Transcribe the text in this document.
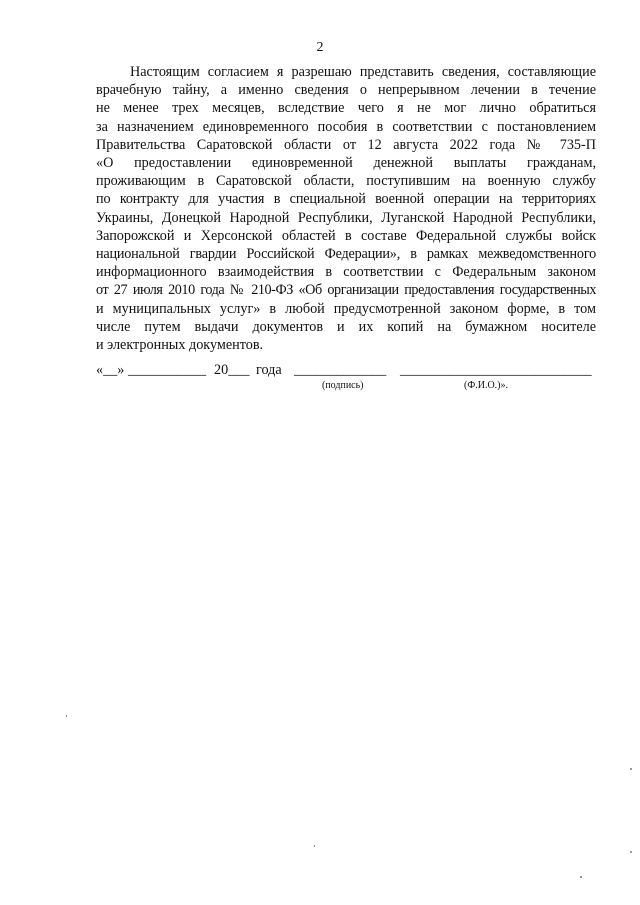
2
Настоящим согласием я разрешаю представить сведения, составляющие
врачебную тайну, а именно сведения о непрерывном лечении в течение
не менее трех месяцев, вследствие чего я не мог лично обратиться
за назначением единовременного пособия в соответствии с постановлением
Правительства Саратовской области от 12 августа 2022 года № 735-П
«О предоставлении единовременной денежной выплаты гражданам,
проживающим в Саратовской области, поступившим на военную службу
по контракту для участия в специальной военной операции на территориях
Украины, Донецкой Народной Республики, Луганской Народной Республики,
Запорожской и Херсонской областей в составе Федеральной службы войск
национальной гвардии Российской Федерации», в рамках межведомственного
информационного взаимодействия в соответствии с Федеральным законом
от 27 июля 2010 года № 210-ФЗ «Об организации предоставления государственных
и муниципальных услуг» в любой предусмотренной законом форме, в том
числе путем выдачи документов и их копий на бумажном носителе
и электронных документов.
«__» ___________ 20___ года _____________ ___________________________
(подпись)	(Ф.И.О.)».
